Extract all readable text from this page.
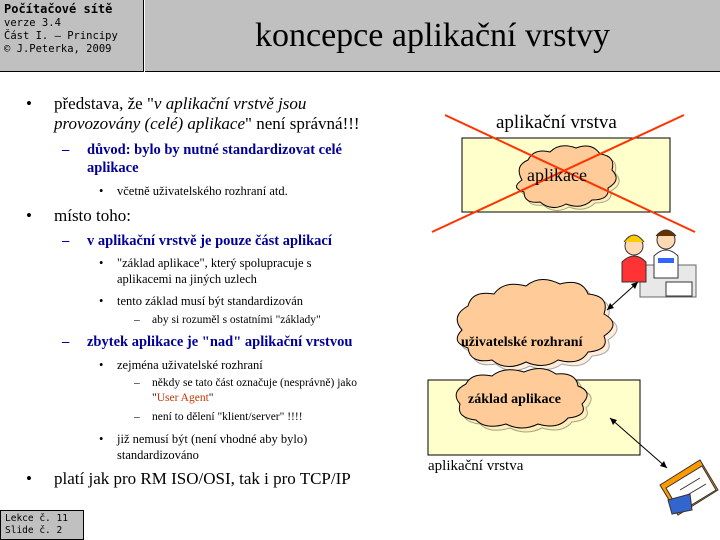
Počítačové sítě
verze 3.4
Část I. – Principy
© J.Peterka, 2009	koncepce aplikační vrstvy
Lekce č. 11
Slide č. 2
• představa, že "v aplikační vrstvě jsou
provozovány (celé) aplikace" není správná!!!
– důvod: bylo by nutné standardizovat celé
aplikace
• včetně uživatelského rozhraní atd.
• místo toho:
– v aplikační vrstvě je pouze část aplikací
• "základ aplikace", který spolupracuje s
aplikacemi na jiných uzlech
• tento základ musí být standardizován
– aby si rozuměl s ostatními "základy"
– zbytek aplikace je "nad" aplikační vrstvou
• zejména uživatelské rozhraní
– někdy se tato část označuje (nesprávně) jako
"User Agent"
– není to dělení "klient/server" !!!!
• již nemusí být (není vhodné aby bylo)
standardizováno
• platí jak pro RM ISO/OSI, tak i pro TCP/IP
aplikační vrstva
aplikace
uživatelské rozhraní
základ aplikace
aplikační vrstva
